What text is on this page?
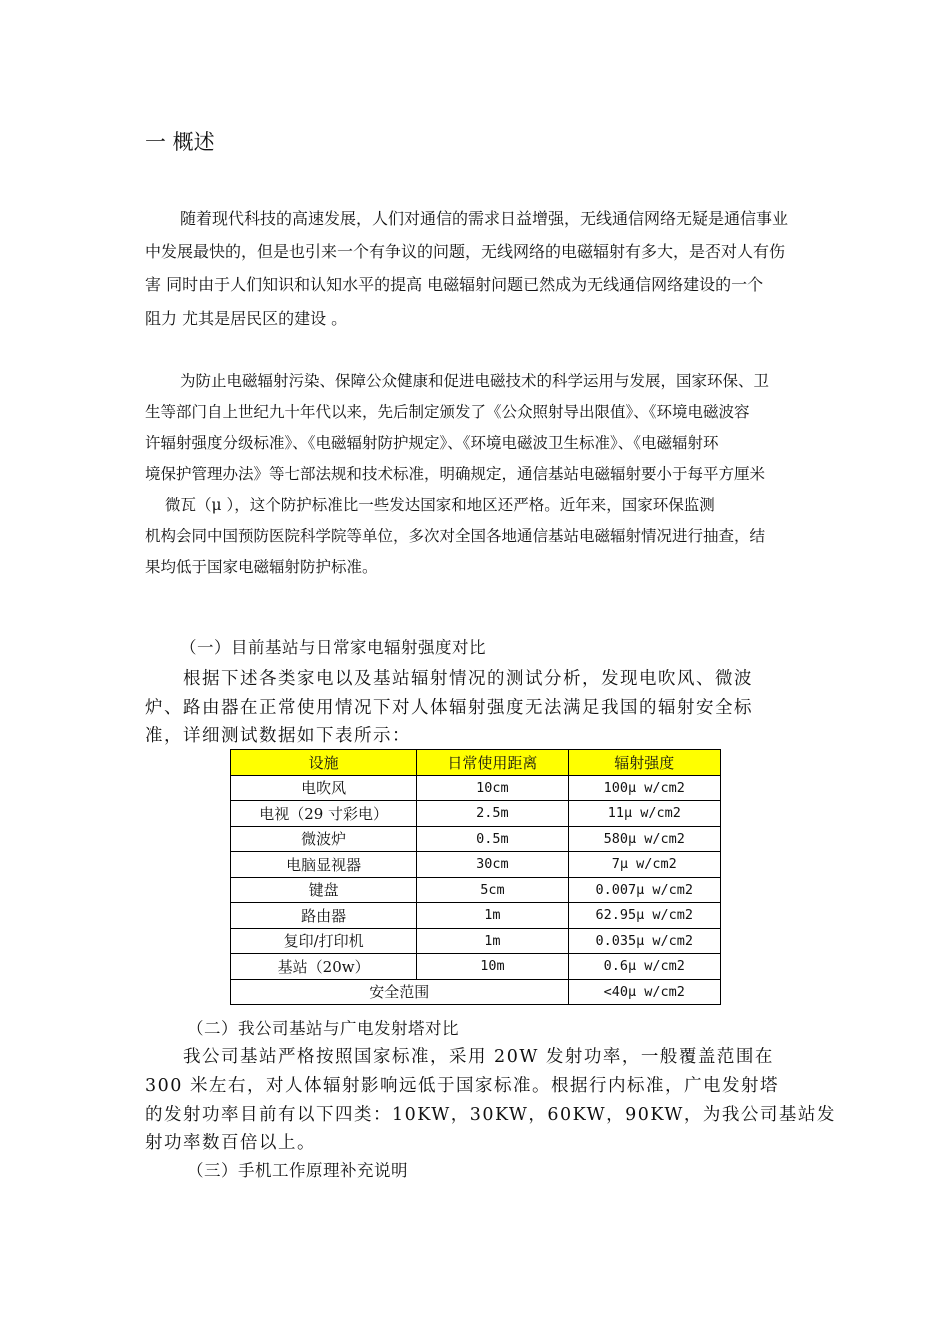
一 概述
随着现代科技的高速发展，人们对通信的需求日益增强，无线通信网络无疑是通信事业
中发展最快的，但是也引来一个有争议的问题，无线网络的电磁辐射有多大，是否对人有伤
害 同时由于人们知识和认知水平的提高 电磁辐射问题已然成为无线通信网络建设的一个
阻力 尤其是居民区的建设 。
为防止电磁辐射污染、保障公众健康和促进电磁技术的科学运用与发展，国家环保、卫
生等部门自上世纪九十年代以来，先后制定颁发了《公众照射导出限值》、《环境电磁波容
许辐射强度分级标准》、《电磁辐射防护规定》、《环境电磁波卫生标准》、《电磁辐射环
境保护管理办法》等七部法规和技术标准，明确规定，通信基站电磁辐射要小于每平方厘米
微瓦（μ ），这个防护标准比一些发达国家和地区还严格。近年来，国家环保监测
机构会同中国预防医院科学院等单位，多次对全国各地通信基站电磁辐射情况进行抽查，结
果均低于国家电磁辐射防护标准。
（一）目前基站与日常家电辐射强度对比
根据下述各类家电以及基站辐射情况的测试分析，发现电吹风、微波
炉、路由器在正常使用情况下对人体辐射强度无法满足我国的辐射安全标
准，详细测试数据如下表所示：
设施	日常使用距离	辐射强度
电吹风	10cm	100μ w/cm2
电视（29 寸彩电）	2.5m	11μ w/cm2
微波炉	0.5m	580μ w/cm2
电脑显视器	30cm	7μ w/cm2
键盘	5cm	0.007μ w/cm2
路由器	1m	62.95μ w/cm2
复印/打印机	1m	0.035μ w/cm2
基站（20w）	10m	0.6μ w/cm2
安全范围		<40μ w/cm2
（二）我公司基站与广电发射塔对比
我公司基站严格按照国家标准，采用 20W 发射功率，一般覆盖范围在
300 米左右，对人体辐射影响远低于国家标准。根据行内标准，广电发射塔
的发射功率目前有以下四类：10KW，30KW，60KW，90KW，为我公司基站发
射功率数百倍以上。
（三）手机工作原理补充说明
